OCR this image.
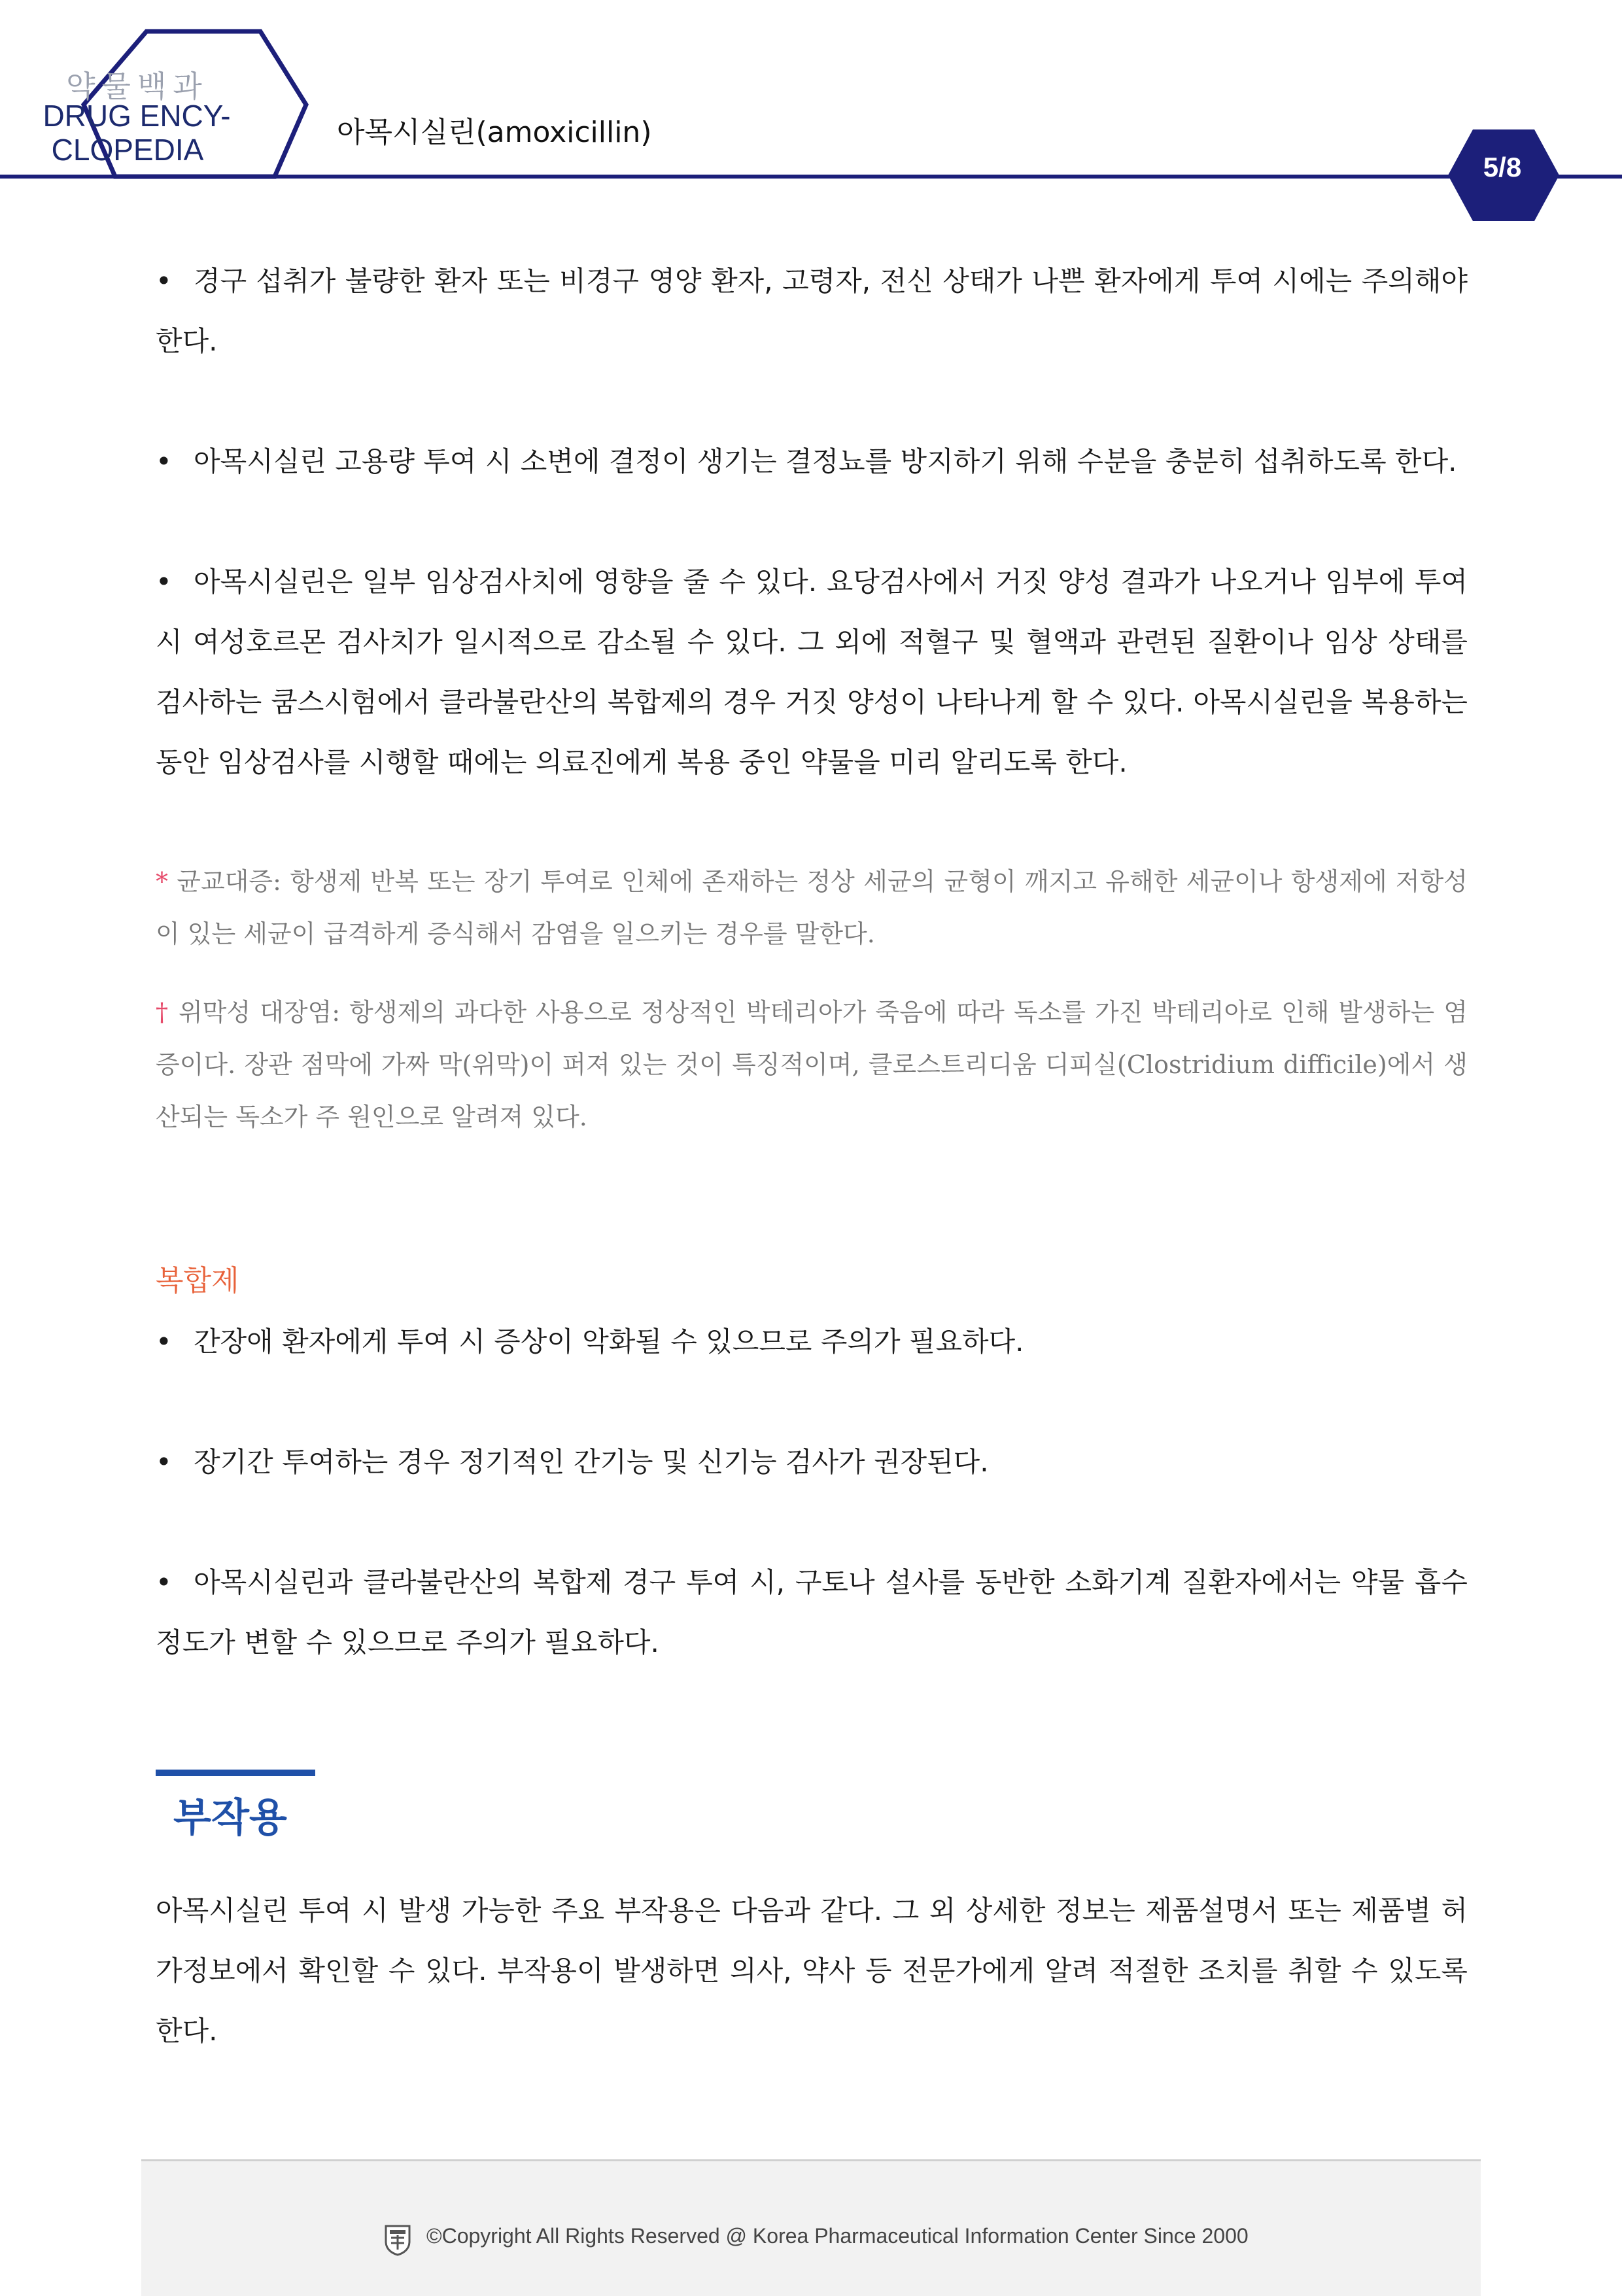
약물백과
DRUG ENCY-
CLOPEDIA
아목시실린(amoxicillin)
5/8
• 경구 섭취가 불량한 환자 또는 비경구 영양 환자, 고령자, 전신 상태가 나쁜 환자에게 투여 시에는 주의해야 한다.
• 아목시실린 고용량 투여 시 소변에 결정이 생기는 결정뇨를 방지하기 위해 수분을 충분히 섭취하도록 한다.
• 아목시실린은 일부 임상검사치에 영향을 줄 수 있다. 요당검사에서 거짓 양성 결과가 나오거나 임부에 투여 시 여성호르몬 검사치가 일시적으로 감소될 수 있다. 그 외에 적혈구 및 혈액과 관련된 질환이나 임상 상태를 검사하는 쿰스시험에서 클라불란산의 복합제의 경우 거짓 양성이 나타나게 할 수 있다. 아목시실린을 복용하는 동안 임상검사를 시행할 때에는 의료진에게 복용 중인 약물을 미리 알리도록 한다.
* 균교대증: 항생제 반복 또는 장기 투여로 인체에 존재하는 정상 세균의 균형이 깨지고 유해한 세균이나 항생제에 저항성이 있는 세균이 급격하게 증식해서 감염을 일으키는 경우를 말한다.
† 위막성 대장염: 항생제의 과다한 사용으로 정상적인 박테리아가 죽음에 따라 독소를 가진 박테리아로 인해 발생하는 염증이다. 장관 점막에 가짜 막(위막)이 퍼져 있는 것이 특징적이며, 클로스트리디움 디피실(Clostridium difficile)에서 생산되는 독소가 주 원인으로 알려져 있다.
복합제
• 간장애 환자에게 투여 시 증상이 악화될 수 있으므로 주의가 필요하다.
• 장기간 투여하는 경우 정기적인 간기능 및 신기능 검사가 권장된다.
• 아목시실린과 클라불란산의 복합제 경구 투여 시, 구토나 설사를 동반한 소화기계 질환자에서는 약물 흡수 정도가 변할 수 있으므로 주의가 필요하다.
부작용
아목시실린 투여 시 발생 가능한 주요 부작용은 다음과 같다. 그 외 상세한 정보는 제품설명서 또는 제품별 허가정보에서 확인할 수 있다. 부작용이 발생하면 의사, 약사 등 전문가에게 알려 적절한 조치를 취할 수 있도록 한다.
©Copyright All Rights Reserved @ Korea Pharmaceutical Information Center Since 2000
